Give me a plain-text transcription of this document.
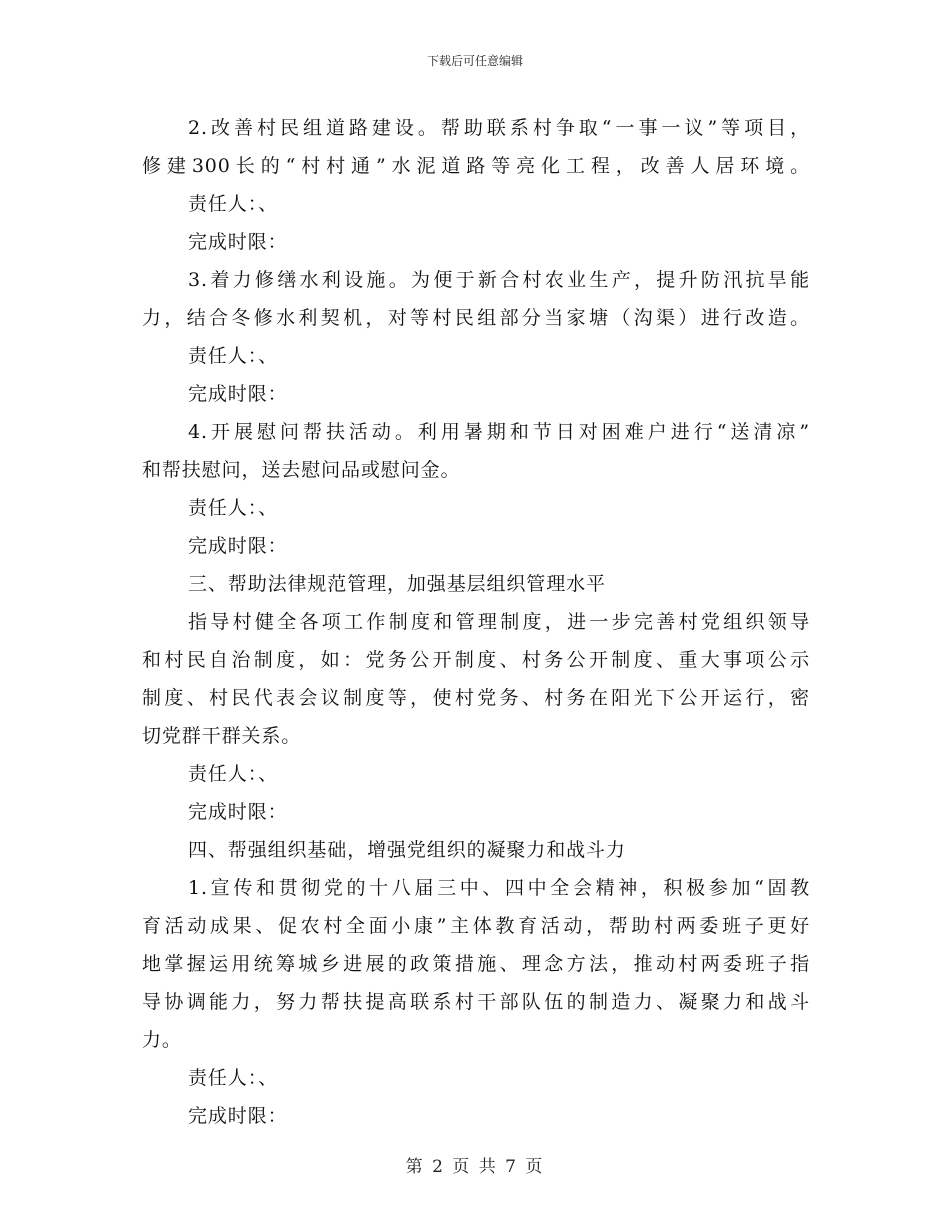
下载后可任意编辑
2.改善村民组道路建设。帮助联系村争取“一事一议”等项目，
修建300长的“村村通”水泥道路等亮化工程，改善人居环境。
责任人：、
完成时限：
3.着力修缮水利设施。为便于新合村农业生产，提升防汛抗旱能
力，结合冬修水利契机，对等村民组部分当家塘（沟渠）进行改造。
责任人：、
完成时限：
4.开展慰问帮扶活动。利用暑期和节日对困难户进行“送清凉”
和帮扶慰问，送去慰问品或慰问金。
责任人：、
完成时限：
三、帮助法律规范管理，加强基层组织管理水平
指导村健全各项工作制度和管理制度，进一步完善村党组织领导
和村民自治制度，如：党务公开制度、村务公开制度、重大事项公示
制度、村民代表会议制度等，使村党务、村务在阳光下公开运行，密
切党群干群关系。
责任人：、
完成时限：
四、帮强组织基础，增强党组织的凝聚力和战斗力
1.宣传和贯彻党的十八届三中、四中全会精神，积极参加“固教
育活动成果、促农村全面小康”主体教育活动，帮助村两委班子更好
地掌握运用统筹城乡进展的政策措施、理念方法，推动村两委班子指
导协调能力，努力帮扶提高联系村干部队伍的制造力、凝聚力和战斗
力。
责任人：、
完成时限：
第 2 页 共 7 页
